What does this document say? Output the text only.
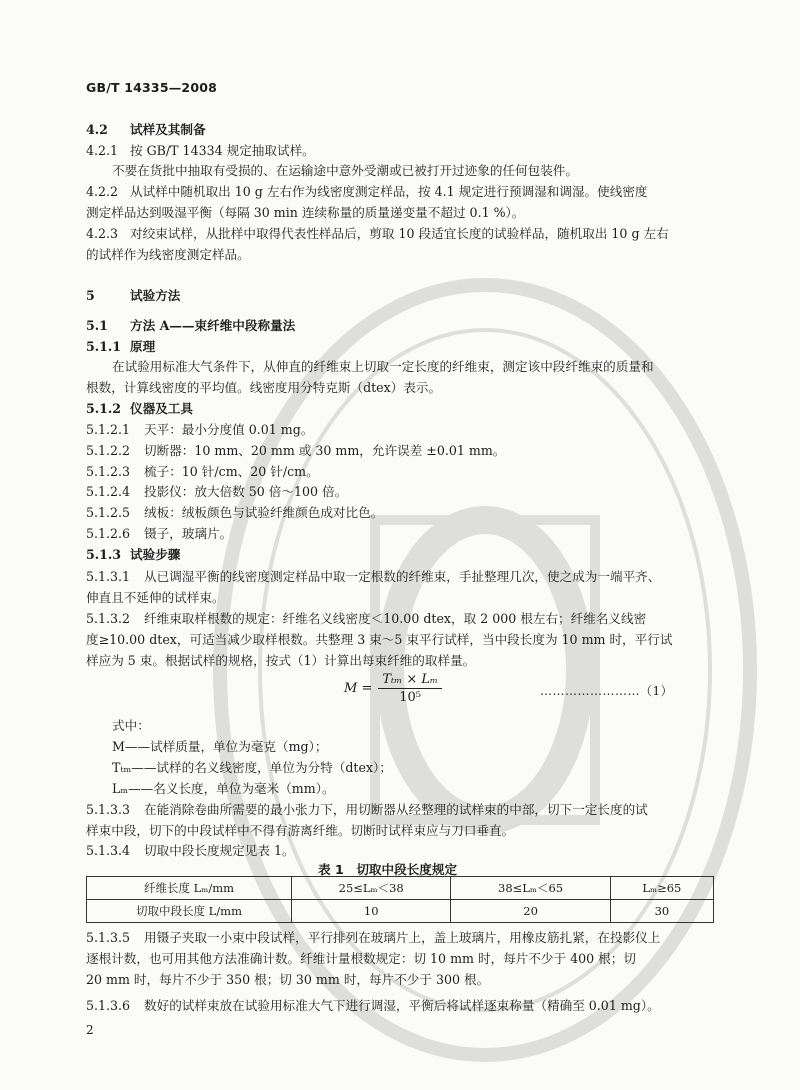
GB/T 14335—2008
4.2 试样及其制备
4.2.1 按 GB/T 14334 规定抽取试样。
不要在货批中抽取有受损的、在运输途中意外受潮或已被打开过迹象的任何包装件。
4.2.2 从试样中随机取出 10 g 左右作为线密度测定样品，按 4.1 规定进行预调湿和调湿。使线密度
测定样品达到吸湿平衡（每隔 30 min 连续称量的质量递变量不超过 0.1 %）。
4.2.3 对绞束试样，从批样中取得代表性样品后，剪取 10 段适宜长度的试验样品，随机取出 10 g 左右
的试样作为线密度测定样品。
5	试验方法
5.1 方法 A——束纤维中段称量法
5.1.1 原理
在试验用标准大气条件下，从伸直的纤维束上切取一定长度的纤维束，测定该中段纤维束的质量和
根数，计算线密度的平均值。线密度用分特克斯（dtex）表示。
5.1.2 仪器及工具
5.1.2.1 天平：最小分度值 0.01 mg。
5.1.2.2 切断器：10 mm、20 mm 或 30 mm，允许误差 ±0.01 mm。
5.1.2.3 梳子：10 针/cm、20 针/cm。
5.1.2.4 投影仪：放大倍数 50 倍～100 倍。
5.1.2.5 绒板：绒板颜色与试验纤维颜色成对比色。
5.1.2.6 镊子，玻璃片。
5.1.3 试验步骤
5.1.3.1 从已调湿平衡的线密度测定样品中取一定根数的纤维束，手扯整理几次，使之成为一端平齐、
伸直且不延伸的试样束。
5.1.3.2 纤维束取样根数的规定：纤维名义线密度＜10.00 dtex，取 2 000 根左右；纤维名义线密
度≥10.00 dtex，可适当减少取样根数。共整理 3 束～5 束平行试样，当中段长度为 10 mm 时，平行试
样应为 5 束。根据试样的规格，按式（1）计算出每束纤维的取样量。
式中：
M——试样质量，单位为毫克（mg）；
Tₜₘ——试样的名义线密度，单位为分特（dtex）；
Lₘ——名义长度，单位为毫米（mm）。
5.1.3.3 在能消除卷曲所需要的最小张力下，用切断器从经整理的试样束的中部，切下一定长度的试
样束中段，切下的中段试样中不得有游离纤维。切断时试样束应与刀口垂直。
5.1.3.4 切取中段长度规定见表 1。
5.1.3.5 用镊子夹取一小束中段试样，平行排列在玻璃片上，盖上玻璃片，用橡皮筋扎紧，在投影仪上
逐根计数，也可用其他方法准确计数。纤维计量根数规定：切 10 mm 时，每片不少于 400 根；切
20 mm 时，每片不少于 350 根；切 30 mm 时，每片不少于 300 根。
5.1.3.6 数好的试样束放在试验用标准大气下进行调湿，平衡后将试样逐束称量（精确至 0.01 mg）。
$M = \frac{\text{Tₜₘ × Lₘ}}{\text{10⁵}}$	……………………（1）
表 1　切取中段长度规定
纤维长度 Lₘ/mm	25≤Lₘ＜38	38≤Lₘ＜65	Lₘ≥65
切取中段长度 L/mm	10	20	30
2
